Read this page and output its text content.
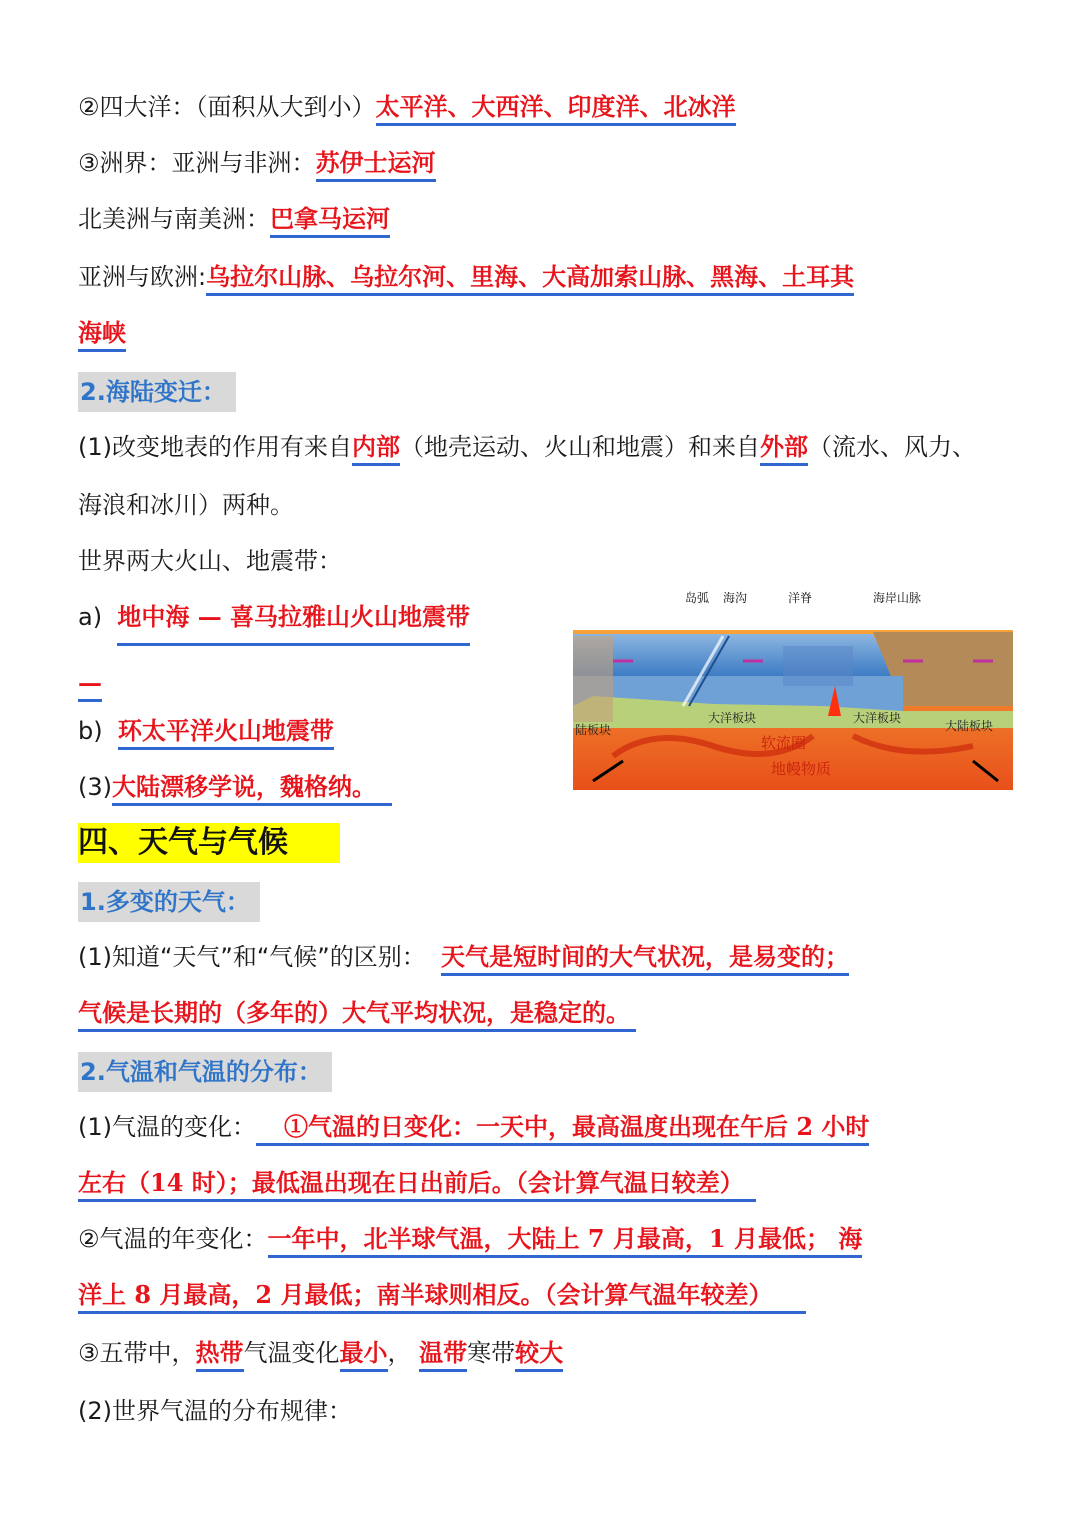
②四大洋：（面积从大到小）太平洋、大西洋、印度洋、北冰洋
③洲界：亚洲与非洲：苏伊士运河
北美洲与南美洲：巴拿马运河
亚洲与欧洲:乌拉尔山脉、乌拉尔河、里海、大高加索山脉、黑海、土耳其
海峡
2.海陆变迁：
(1)改变地表的作用有来自内部（地壳运动、火山和地震）和来自外部（流水、风力、
海浪和冰川）两种。
世界两大火山、地震带：
a) 地中海 — 喜马拉雅山火山地震带
—
b) 环太平洋火山地震带
(3)大陆漂移学说，魏格纳。
岛弧 海沟	洋脊	海岸山脉
陆板块
大洋板块	大洋板块
大陆板块
软流圈
地幔物质
四、天气与气候
1.多变的天气：
(1)知道“天气”和“气候”的区别： 天气是短时间的大气状况，是易变的；
气候是长期的（多年的）大气平均状况，是稳定的。
2.气温和气温的分布：
(1)气温的变化： ①气温的日变化：一天中，最高温度出现在午后 2 小时
左右（14 时）；最低温出现在日出前后。（会计算气温日较差）
②气温的年变化：一年中，北半球气温，大陆上 7 月最高，1 月最低； 海
洋上 8 月最高，2 月最低；南半球则相反。（会计算气温年较差）
③五带中，热带气温变化最小， 温带寒带较大
(2)世界气温的分布规律：
